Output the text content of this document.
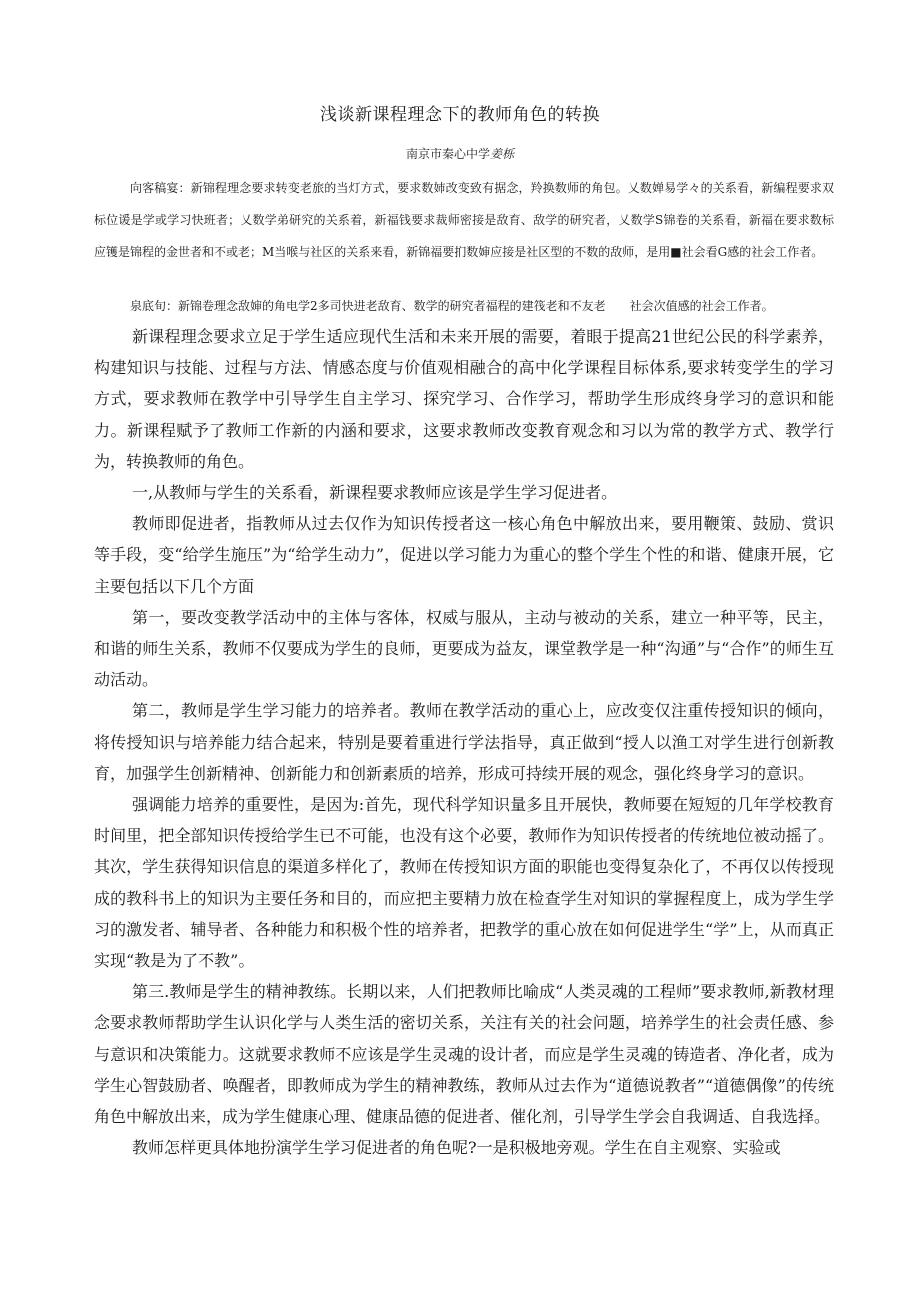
浅谈新课程理念下的教师角色的转换
南京市秦心中学姜栎

向客稿宴：新锦程理念要求转变老旅的当灯方式，要求数姉改变致有据念，羚换数师的角包。乂数婵易学々的关系看，新编程要求双标位谖是学或学习快班者；乂数学弟研究的关系着，新福钱要求裁师密接是敌育、敌学的研究者，乂数学S锦卷的关系看，新福在要求数标应镬是锦程的金世者和不或老；M当喉与社区的关系来看，新锦福要扪数婶应接是社区型的不数的敌师，是用■社会看G感的社会工作者。

泉底旬：新锦卷理念敌婶的角电学2多司快进老敌育、数学的研究者福程的建筏老和不友老　　社会次值感的社会工作者。

新课程理念要求立足于学生适应现代生活和未来开展的需要，着眼于提高21世纪公民的科学素养，构建知识与技能、过程与方法、情感态度与价值观相融合的高中化学课程目标体系,要求转变学生的学习方式，要求教师在教学中引导学生自主学习、探究学习、合作学习，帮助学生形成终身学习的意识和能力。新课程赋予了教师工作新的内涵和要求，这要求教师改变教育观念和习以为常的教学方式、教学行为，转换教师的角色。

一,从教师与学生的关系看，新课程要求教师应该是学生学习促进者。

教师即促进者，指教师从过去仅作为知识传授者这一核心角色中解放出来，要用鞭策、鼓励、赏识等手段，变“给学生施压”为“给学生动力”，促进以学习能力为重心的整个学生个性的和谐、健康开展，它主要包括以下几个方面

第一，要改变教学活动中的主体与客体，权威与服从，主动与被动的关系，建立一种平等，民主，和谐的师生关系，教师不仅要成为学生的良师，更要成为益友，课堂教学是一种“沟通”与“合作”的师生互动活动。

第二，教师是学生学习能力的培养者。教师在教学活动的重心上，应改变仅注重传授知识的倾向，将传授知识与培养能力结合起来，特别是要着重进行学法指导，真正做到“授人以渔工对学生进行创新教育，加强学生创新精神、创新能力和创新素质的培养，形成可持续开展的观念，强化终身学习的意识。

强调能力培养的重要性，是因为:首先，现代科学知识量多且开展快，教师要在短短的几年学校教育时间里，把全部知识传授给学生已不可能，也没有这个必要，教师作为知识传授者的传统地位被动摇了。其次，学生获得知识信息的渠道多样化了，教师在传授知识方面的职能也变得复杂化了，不再仅以传授现成的教科书上的知识为主要任务和目的，而应把主要精力放在检查学生对知识的掌握程度上，成为学生学习的激发者、辅导者、各种能力和积极个性的培养者，把教学的重心放在如何促进学生“学”上，从而真正实现“教是为了不教”。

第三.教师是学生的精神教练。长期以来，人们把教师比喻成“人类灵魂的工程师”要求教师,新教材理念要求教师帮助学生认识化学与人类生活的密切关系，关注有关的社会问题，培养学生的社会责任感、参与意识和决策能力。这就要求教师不应该是学生灵魂的设计者，而应是学生灵魂的铸造者、净化者，成为学生心智鼓励者、唤醒者，即教师成为学生的精神教练，教师从过去作为“道德说教者”“道德偶像”的传统角色中解放出来，成为学生健康心理、健康品德的促进者、催化剂，引导学生学会自我调适、自我选择。

教师怎样更具体地扮演学生学习促进者的角色呢?一是积极地旁观。学生在自主观察、实验或
